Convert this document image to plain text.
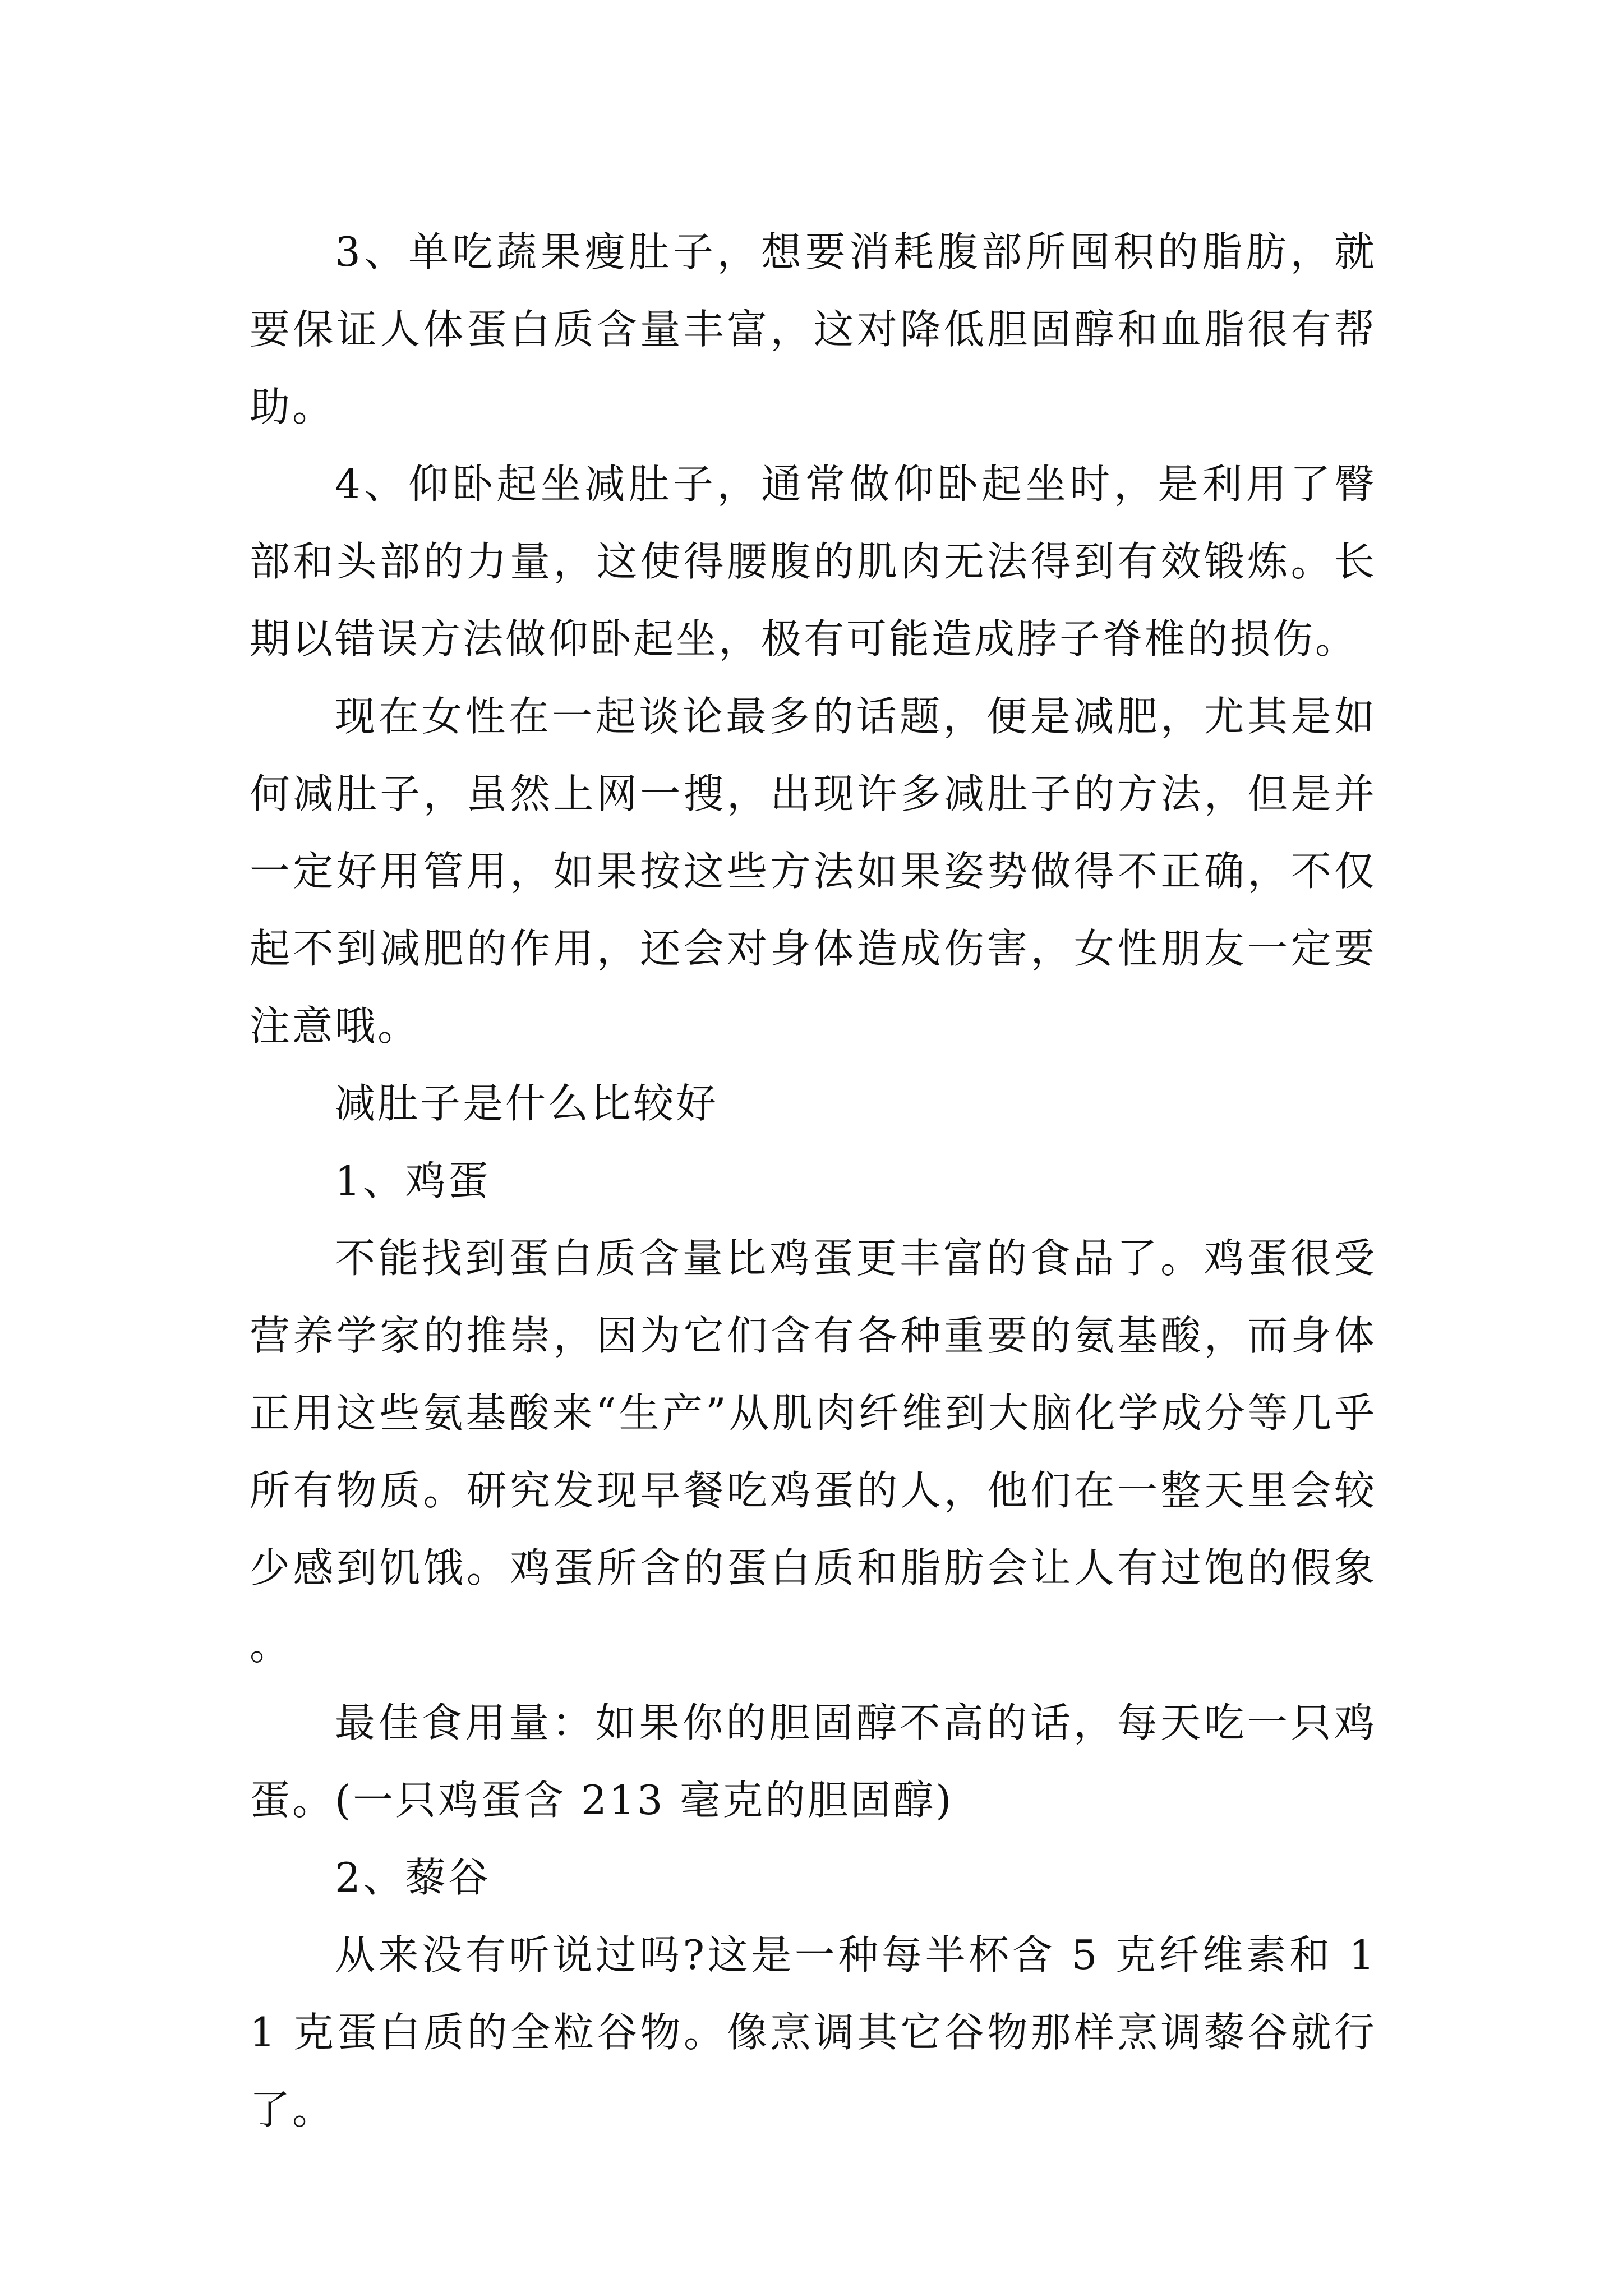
3、单吃蔬果瘦肚子，想要消耗腹部所囤积的脂肪，就要保证人体蛋白质含量丰富，这对降低胆固醇和血脂很有帮助。

4、仰卧起坐减肚子，通常做仰卧起坐时，是利用了臀部和头部的力量，这使得腰腹的肌肉无法得到有效锻炼。长期以错误方法做仰卧起坐，极有可能造成脖子脊椎的损伤。

现在女性在一起谈论最多的话题，便是减肥，尤其是如何减肚子，虽然上网一搜，出现许多减肚子的方法，但是并一定好用管用，如果按这些方法如果姿势做得不正确，不仅起不到减肥的作用，还会对身体造成伤害，女性朋友一定要注意哦。

减肚子是什么比较好

1、鸡蛋

不能找到蛋白质含量比鸡蛋更丰富的食品了。鸡蛋很受营养学家的推崇，因为它们含有各种重要的氨基酸，而身体正用这些氨基酸来“生产”从肌肉纤维到大脑化学成分等几乎所有物质。研究发现早餐吃鸡蛋的人，他们在一整天里会较少感到饥饿。鸡蛋所含的蛋白质和脂肪会让人有过饱的假象。

最佳食用量：如果你的胆固醇不高的话，每天吃一只鸡蛋。(一只鸡蛋含 213 毫克的胆固醇)

2、藜谷

从来没有听说过吗?这是一种每半杯含 5 克纤维素和 11 克蛋白质的全粒谷物。像烹调其它谷物那样烹调藜谷就行了。
